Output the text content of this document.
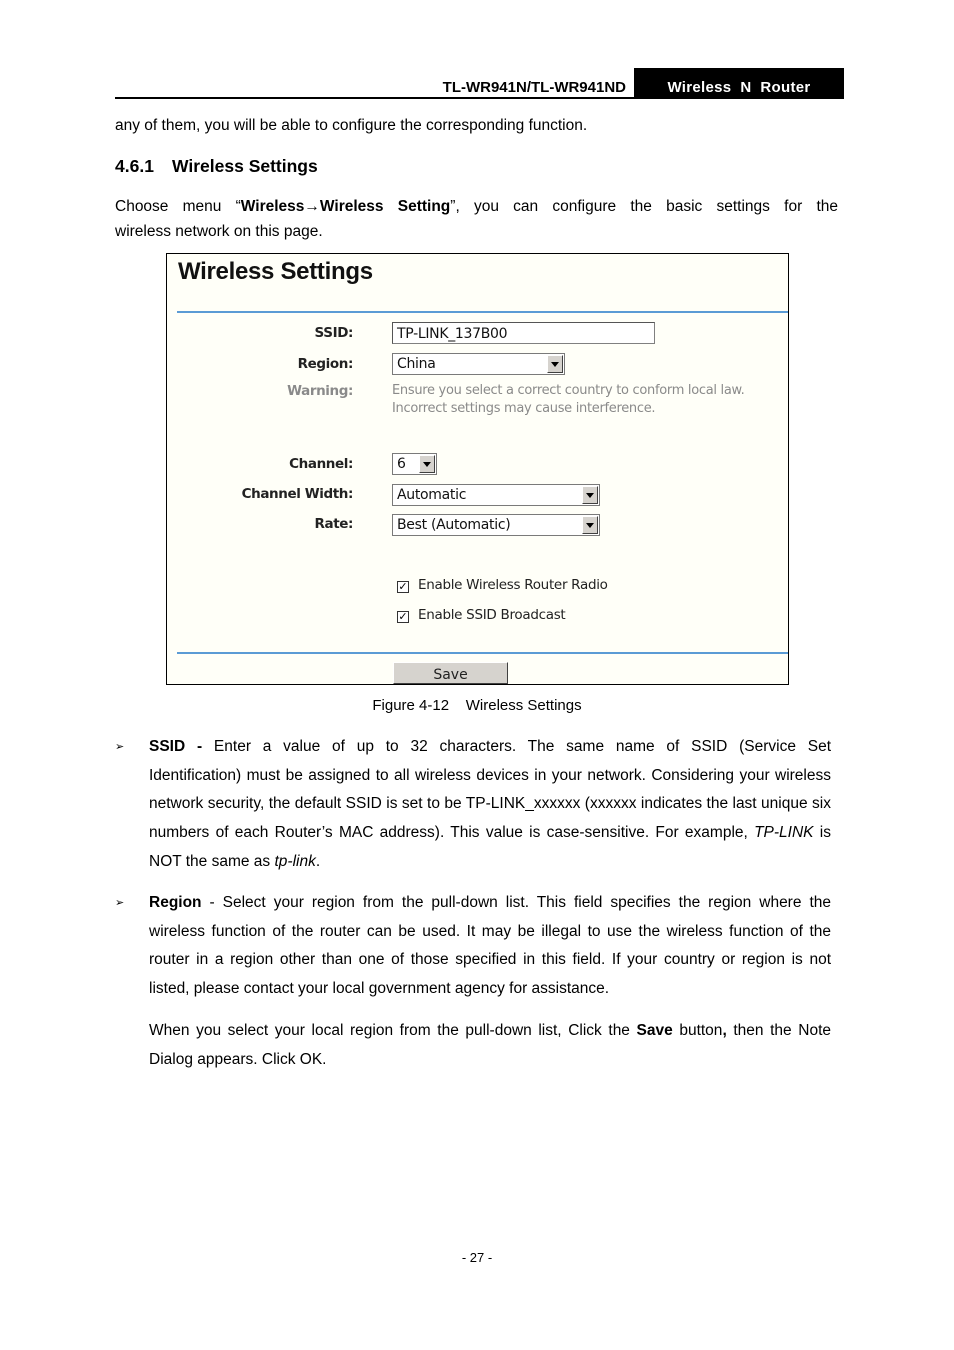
TL-WR941N/TL-WR941ND	Wireless  N  Router
any of them, you will be able to configure the corresponding function.
4.6.1 Wireless Settings
Choose  menu  “Wireless→Wireless  Setting”,  you  can  configure  the  basic  settings  for  the
wireless network on this page.
Wireless Settings
SSID:	TP-LINK_137B00
Region:	China
Warning:	Ensure you select a correct country to conform local law.
Incorrect settings may cause interference.
Channel:	6
Channel Width:	Automatic
Rate:	Best (Automatic)
✓ Enable Wireless Router Radio
✓ Enable SSID Broadcast
Save
Figure 4-12    Wireless Settings
➢ SSID  -  Enter  a  value  of  up  to  32  characters.  The  same  name  of  SSID  (Service  Set Identification) must be assigned to all wireless devices in your network. Considering your wireless network security, the default SSID is set to be TP-LINK_xxxxxx (xxxxxx indicates the last unique six numbers of each Router’s MAC address). This value is case-sensitive. For example, TP-LINK is NOT the same as tp-link.
➢ Region - Select your region from the pull-down list. This field specifies the region where the wireless function of the router can be used. It may be illegal to use the wireless function of the router in a region other than one of those specified in this field. If your country or region is not listed, please contact your local government agency for assistance.
When you select your local region from the pull-down list, Click the Save button, then the Note Dialog appears. Click OK.
- 27 -
